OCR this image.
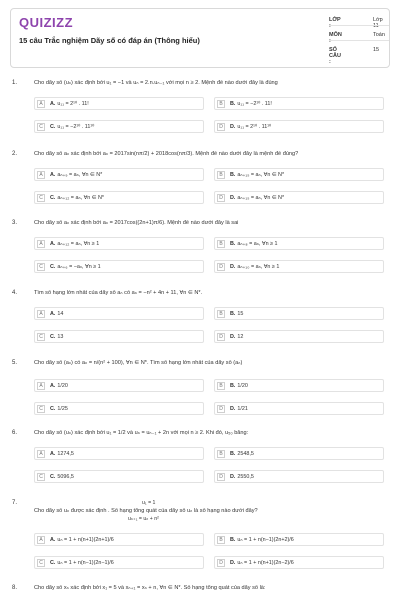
QUIZIZZ
15 câu Trắc nghiệm Dãy số có đáp án (Thông hiểu)
LỚP :
Lớp 11
MÔN :
Toán
SỐ CÂU :
15
1.	Cho dãy số (uₙ) xác định bởi u₁ = −1 và uₙ = 2.n.uₙ₋₁ với mọi n ≥ 2. Mệnh đề nào dưới đây là đúng
A	A. u₁₁ = 2¹⁰ . 11!	B	B. u₁₁ = −2¹⁰ . 11!
C	C. u₁₁ = −2¹⁰ . 11¹⁰	D	D. u₁₁ = 2¹⁰ . 11¹⁰
2.	Cho dãy số aₙ xác định bởi aₙ = 2017sin(nπ/2) + 2018cos(nπ/3). Mệnh đề nào dưới đây là mệnh đề đúng?
A	A. aₙ₊₉ = aₙ, ∀n ∈ N*	B	B. aₙ₊₁₅ = aₙ, ∀n ∈ N*
C	C. aₙ₊₁₂ = aₙ, ∀n ∈ N*	D	D. aₙ₊₁₅ = aₙ, ∀n ∈ N*
3.	Cho dãy số aₙ xác định bởi aₙ = 2017cos((2n+1)π/6). Mệnh đề nào dưới đây là sai
A	A. aₙ₊₁₂ = aₙ, ∀n ≥ 1	B	B. aₙ₊₈ = aₙ, ∀n ≥ 1
C	C. aₙ₊₆ = −aₙ, ∀n ≥ 1	D	D. aₙ₊₁₀ = aₙ, ∀n ≥ 1
4.	Tìm số hạng lớn nhất của dãy số aₙ có aₙ = −n² + 4n + 11, ∀n ∈ N*.
A	A. 14	B	B. 15
C	C. 13	D	D. 12
5.	Cho dãy số (aₙ) có aₙ = n/(n² + 100), ∀n ∈ N*. Tìm số hạng lớn nhất của dãy số (aₙ)
A	A. 1/20	B	B. 1/20
C	C. 1/25	D	D. 1/21
6.	Cho dãy số (uₙ) xác định bởi u₁ = 1/2 và uₙ = uₙ₋₁ + 2n với mọi n ≥ 2. Khi đó, u₅₀ bằng:
A	A. 1274,5	B	B. 2548,5
C	C. 5096,5	D	D. 2550,5
7.	u₁ = 1
Cho dãy số uₙ được xác định . Số hạng tổng quát của dãy số uₙ là số hạng nào dưới đây?
uₙ₊₁ = uₙ + n²
A	A. uₙ = 1 + n(n+1)(2n+1)/6	B	B. uₙ = 1 + n(n−1)(2n+2)/6
C	C. uₙ = 1 + n(n−1)(2n−1)/6	D	D. uₙ = 1 + n(n+1)(2n−2)/6
8.	Cho dãy số xₙ xác định bởi x₁ = 5 và xₙ₊₁ = xₙ + n, ∀n ∈ N*. Số hạng tổng quát của dãy số là:
